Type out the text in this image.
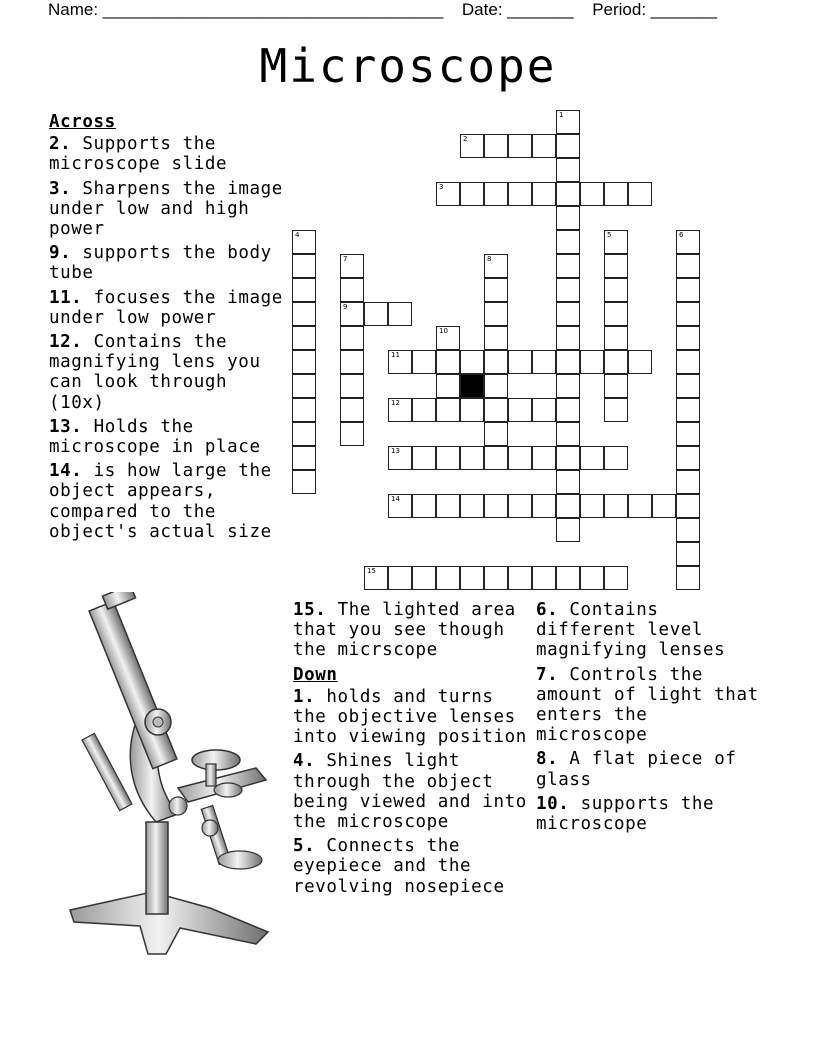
Name: ____________________________________ Date: _______ Period: _______
Microscope
1
2
3
4	5	6
7
9
8
10
11
12
13
14
15
Across
2. Supports the microscope slide
3. Sharpens the image under low and high power
9. supports the body tube
11. focuses the image under low power
12. Contains the magnifying lens you can look through (10x)
13. Holds the microscope in place
14. is how large the object appears, compared to the object's actual size
15. The lighted area that you see though the micrscope
Down
1. holds and turns the objective lenses into viewing position
4. Shines light through the object being viewed and into the microscope
5. Connects the eyepiece and the revolving nosepiece
6. Contains different level magnifying lenses
7. Controls the amount of light that enters the microscope
8. A flat piece of glass
10. supports the microscope
